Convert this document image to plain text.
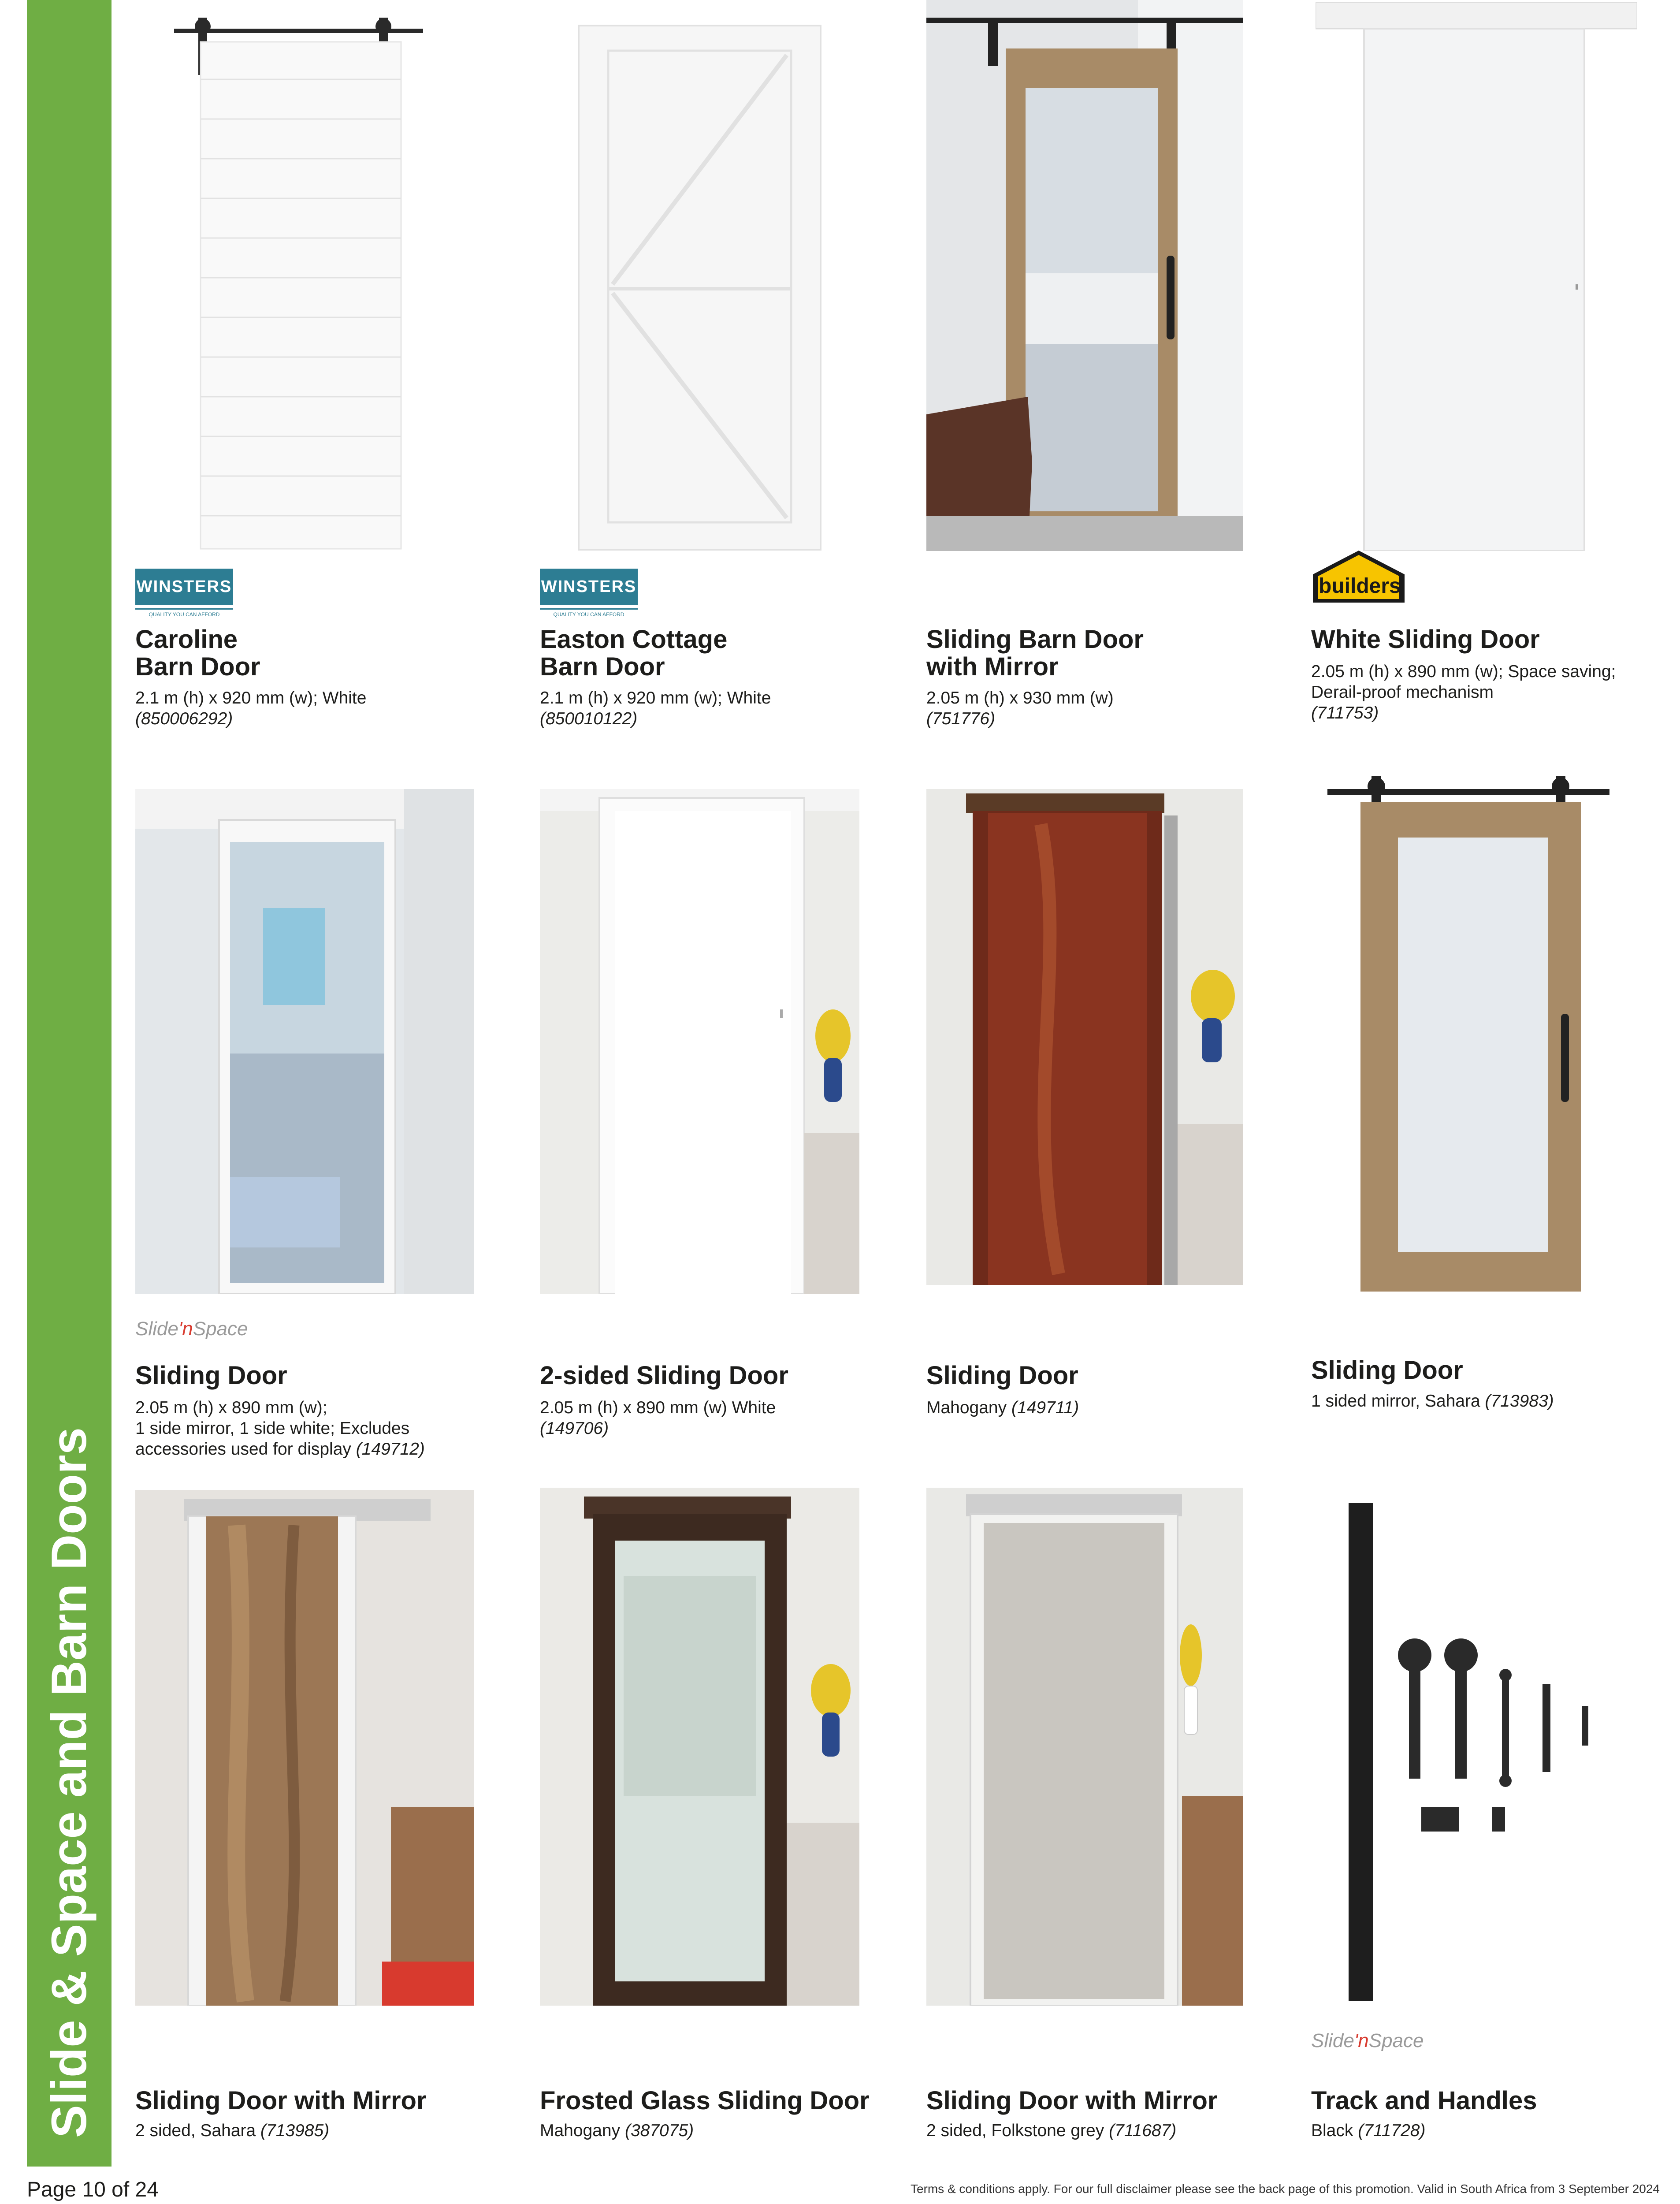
Slide & Space and Barn Doors
WINSTERS
QUALITY YOU CAN AFFORD
Caroline
Barn Door
2.1 m (h) x 920 mm (w); White
(850006292)
WINSTERS
QUALITY YOU CAN AFFORD
Easton Cottage
Barn Door
2.1 m (h) x 920 mm (w); White
(850010122)
Sliding Barn Door
with Mirror
2.05 m (h) x 930 mm (w)
(751776)
builders
White Sliding Door
2.05 m (h) x 890 mm (w); Space saving;
Derail-proof mechanism
(711753)
Slide'nSpace
Sliding Door
2.05 m (h) x 890 mm (w);
1 side mirror, 1 side white; Excludes
accessories used for display (149712)
2-sided Sliding Door
2.05 m (h) x 890 mm (w) White
(149706)
Sliding Door
Mahogany (149711)
Sliding Door
1 sided mirror, Sahara (713983)
Sliding Door with Mirror
2 sided, Sahara (713985)
Frosted Glass Sliding Door
Mahogany (387075)
Sliding Door with Mirror
2 sided, Folkstone grey (711687)
Slide'nSpace
Track and Handles
Black (711728)
Page 10 of 24	Terms & conditions apply. For our full disclaimer please see the back page of this promotion. Valid in South Africa from 3 September 2024
